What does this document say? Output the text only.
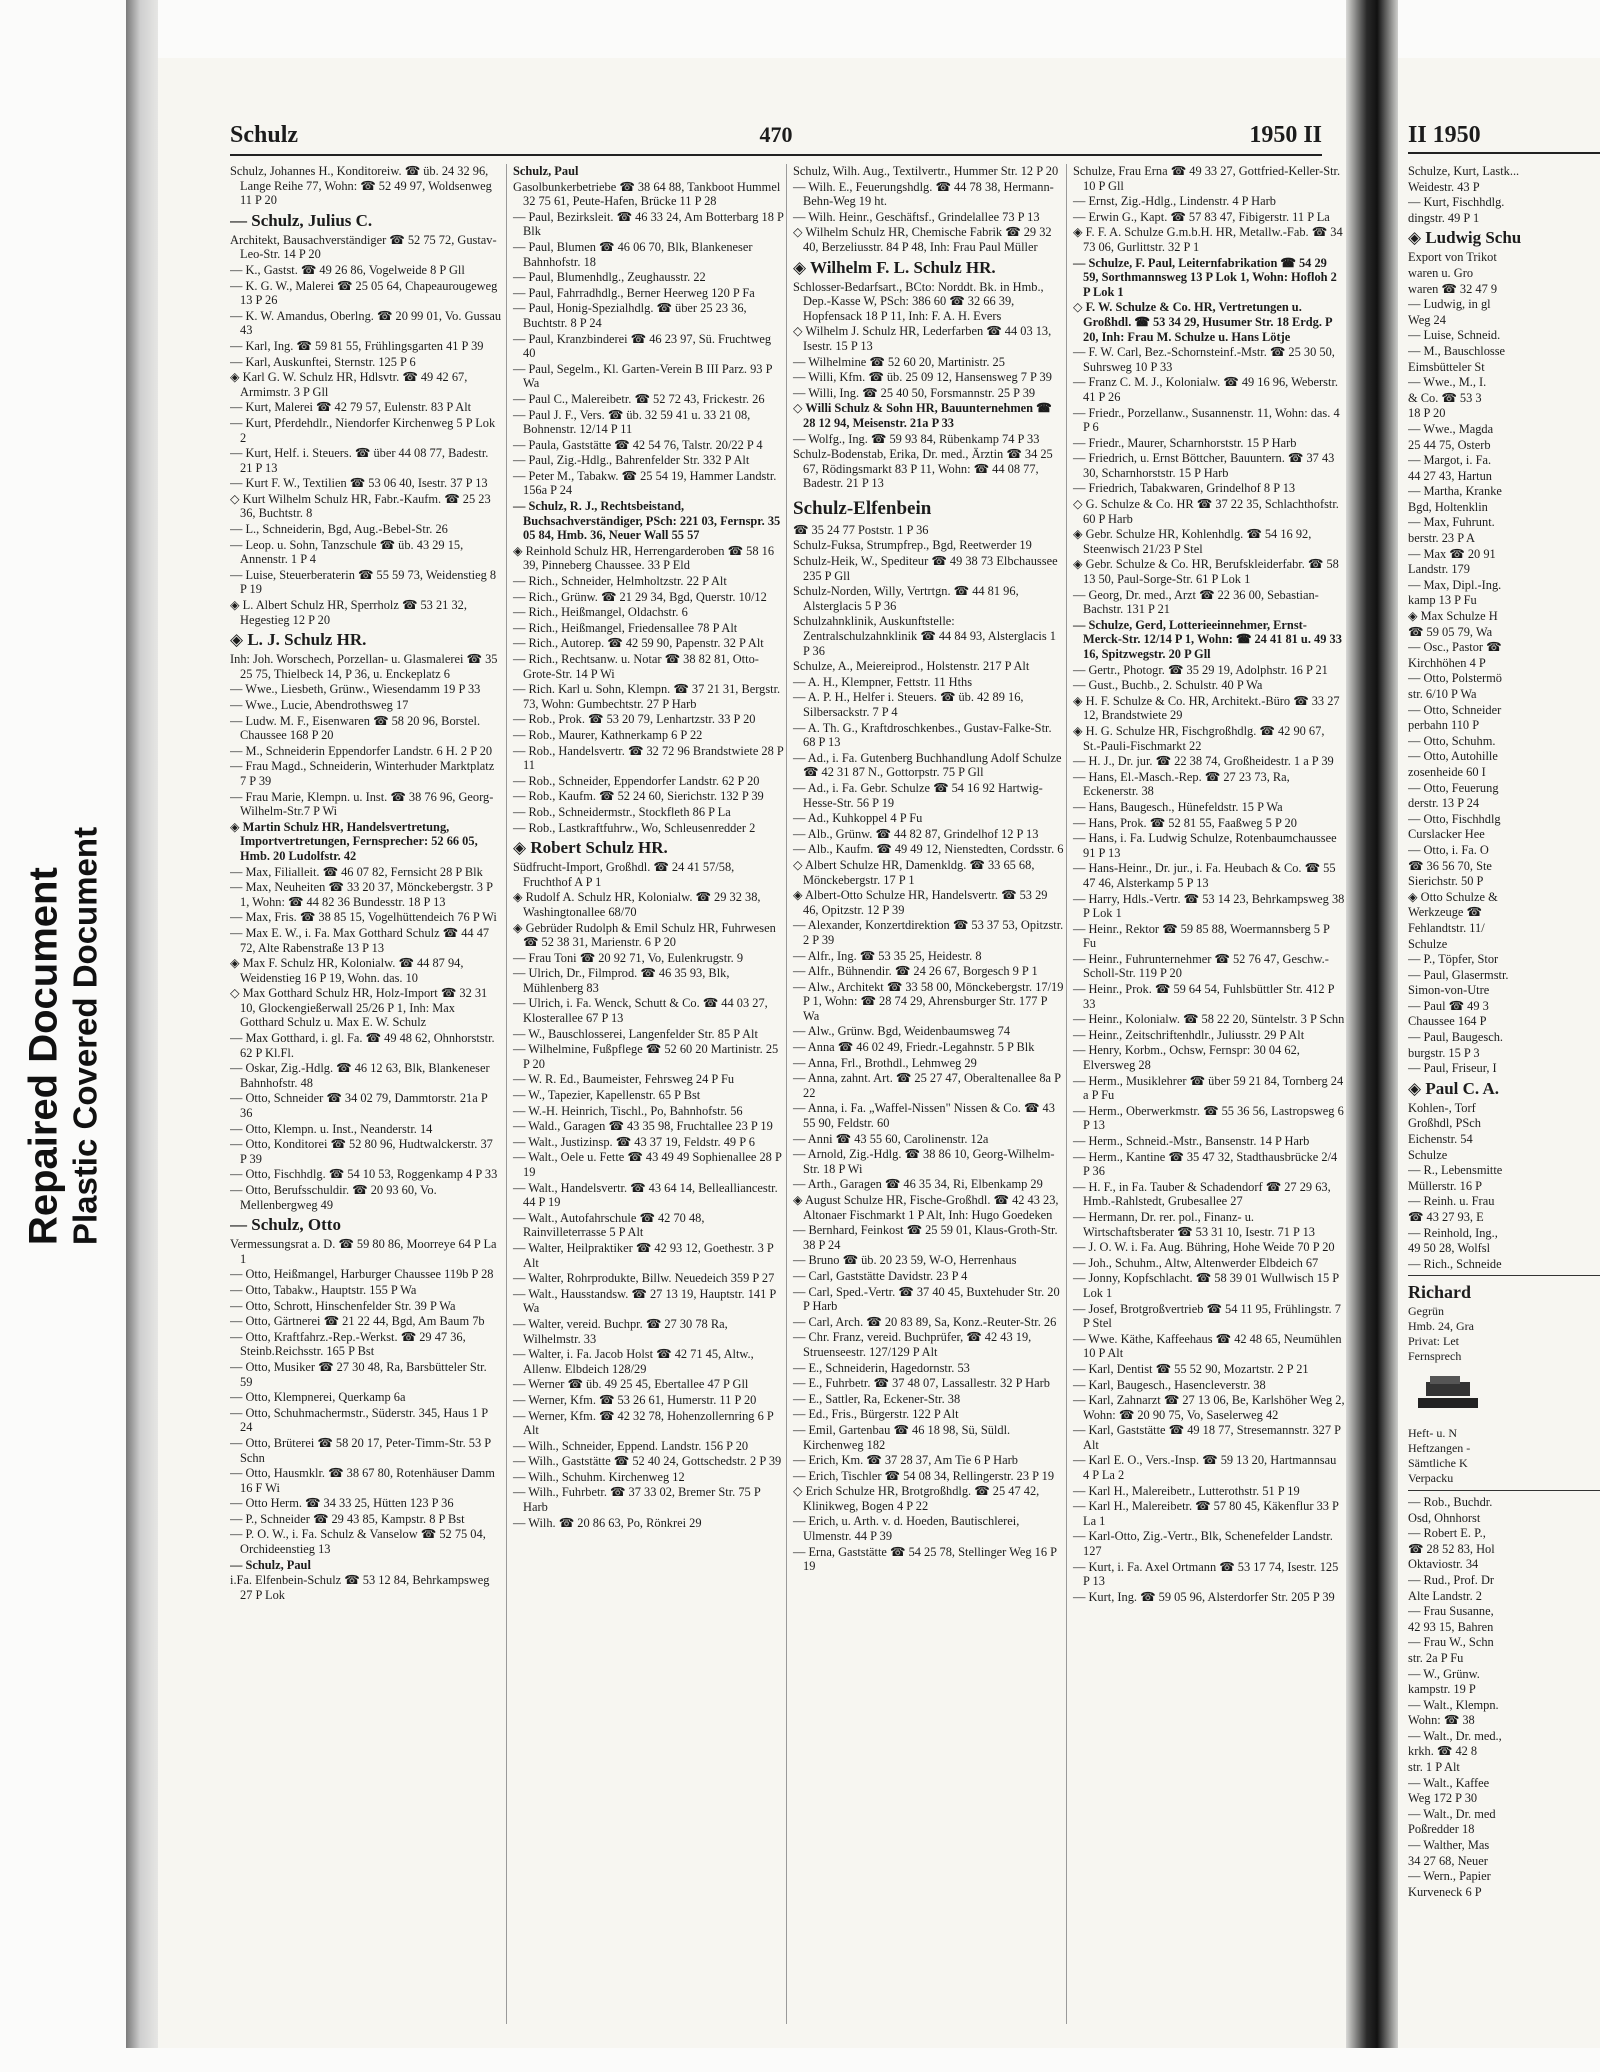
Repaired Document Plastic Covered Document
Schulz	470	1950 II
Schulz, Johannes H., Konditoreiw. ☎ üb. 24 32 96, Lange Reihe 77, Wohn: ☎ 52 49 97, Woldsenweg 11 P 20
— Schulz, Julius C.
Architekt, Bausachverständiger ☎ 52 75 72, Gustav-Leo-Str. 14 P 20
— K., Gastst. ☎ 49 26 86, Vogelweide 8 P Gll
— K. G. W., Malerei ☎ 25 05 64, Chapeaurougeweg 13 P 26
— K. W. Amandus, Oberlng. ☎ 20 99 01, Vo. Gussau 43
— Karl, Ing. ☎ 59 81 55, Frühlingsgarten 41 P 39
— Karl, Auskunftei, Sternstr. 125 P 6
◈ Karl G. W. Schulz HR, Hdlsvtr. ☎ 49 42 67, Armimstr. 3 P Gll
— Kurt, Malerei ☎ 42 79 57, Eulenstr. 83 P Alt
— Kurt, Pferdehdlr., Niendorfer Kirchenweg 5 P Lok 2
— Kurt, Helf. i. Steuers. ☎ über 44 08 77, Badestr. 21 P 13
— Kurt F. W., Textilien ☎ 53 06 40, Isestr. 37 P 13
◇ Kurt Wilhelm Schulz HR, Fabr.-Kaufm. ☎ 25 23 36, Buchtstr. 8
— L., Schneiderin, Bgd, Aug.-Bebel-Str. 26
— Leop. u. Sohn, Tanzschule ☎ üb. 43 29 15, Annenstr. 1 P 4
— Luise, Steuerberaterin ☎ 55 59 73, Weidenstieg 8 P 19
◈ L. Albert Schulz HR, Sperrholz ☎ 53 21 32, Hegestieg 12 P 20
◈ L. J. Schulz HR.
Inh: Joh. Worschech, Porzellan- u. Glasmalerei ☎ 35 25 75, Thielbeck 14, P 36, u. Enckeplatz 6
— Wwe., Liesbeth, Grünw., Wiesendamm 19 P 33
— Wwe., Lucie, Abendrothsweg 17
— Ludw. M. F., Eisenwaren ☎ 58 20 96, Borstel. Chaussee 168 P 20
— M., Schneiderin Eppendorfer Landstr. 6 H. 2 P 20
— Frau Magd., Schneiderin, Winterhuder Marktplatz 7 P 39
— Frau Marie, Klempn. u. Inst. ☎ 38 76 96, Georg-Wilhelm-Str.7 P Wi
◈ Martin Schulz HR, Handelsvertretung, Importvertretungen, Fernsprecher: 52 66 05, Hmb. 20 Ludolfstr. 42
— Max, Filialleit. ☎ 46 07 82, Fernsicht 28 P Blk
— Max, Neuheiten ☎ 33 20 37, Mönckebergstr. 3 P 1, Wohn: ☎ 44 82 36 Bundesstr. 18 P 13
— Max, Fris. ☎ 38 85 15, Vogelhüttendeich 76 P Wi
— Max E. W., i. Fa. Max Gotthard Schulz ☎ 44 47 72, Alte Rabenstraße 13 P 13
◈ Max F. Schulz HR, Kolonialw. ☎ 44 87 94, Weidenstieg 16 P 19, Wohn. das. 10
◇ Max Gotthard Schulz HR, Holz-Import ☎ 32 31 10, Glockengießerwall 25/26 P 1, Inh: Max Gotthard Schulz u. Max E. W. Schulz
— Max Gotthard, i. gl. Fa. ☎ 49 48 62, Ohnhorststr. 62 P Kl.Fl.
— Oskar, Zig.-Hdlg. ☎ 46 12 63, Blk, Blankeneser Bahnhofstr. 48
— Otto, Schneider ☎ 34 02 79, Dammtorstr. 21a P 36
— Otto, Klempn. u. Inst., Neanderstr. 14
— Otto, Konditorei ☎ 52 80 96, Hudtwalckerstr. 37 P 39
— Otto, Fischhdlg. ☎ 54 10 53, Roggenkamp 4 P 33
— Otto, Berufsschuldir. ☎ 20 93 60, Vo. Mellenbergweg 49
— Schulz, Otto
Vermessungsrat a. D. ☎ 59 80 86, Moorreye 64 P La 1
— Otto, Heißmangel, Harburger Chaussee 119b P 28
— Otto, Tabakw., Hauptstr. 155 P Wa
— Otto, Schrott, Hinschenfelder Str. 39 P Wa
— Otto, Gärtnerei ☎ 21 22 44, Bgd, Am Baum 7b
— Otto, Kraftfahrz.-Rep.-Werkst. ☎ 29 47 36, Steinb.Reichsstr. 165 P Bst
— Otto, Musiker ☎ 27 30 48, Ra, Barsbütteler Str. 59
— Otto, Klempnerei, Querkamp 6a
— Otto, Schuhmachermstr., Süderstr. 345, Haus 1 P 24
— Otto, Brüterei ☎ 58 20 17, Peter-Timm-Str. 53 P Schn
— Otto, Hausmklr. ☎ 38 67 80, Rotenhäuser Damm 16 F Wi
— Otto Herm. ☎ 34 33 25, Hütten 123 P 36
— P., Schneider ☎ 29 43 85, Kampstr. 8 P Bst
— P. O. W., i. Fa. Schulz & Vanselow ☎ 52 75 04, Orchideenstieg 13
— Schulz, Paul
i.Fa. Elfenbein-Schulz ☎ 53 12 84, Behrkampsweg 27 P Lok
Schulz, Paul
Gasolbunkerbetriebe ☎ 38 64 88, Tankboot Hummel 32 75 61, Peute-Hafen, Brücke 11 P 28
— Paul, Bezirksleit. ☎ 46 33 24, Am Botterbarg 18 P Blk
— Paul, Blumen ☎ 46 06 70, Blk, Blankeneser Bahnhofstr. 18
— Paul, Blumenhdlg., Zeughausstr. 22
— Paul, Fahrradhdlg., Berner Heerweg 120 P Fa
— Paul, Honig-Spezialhdlg. ☎ über 25 23 36, Buchtstr. 8 P 24
— Paul, Kranzbinderei ☎ 46 23 97, Sü. Fruchtweg 40
— Paul, Segelm., Kl. Garten-Verein B III Parz. 93 P Wa
— Paul C., Malereibetr. ☎ 52 72 43, Frickestr. 26
— Paul J. F., Vers. ☎ üb. 32 59 41 u. 33 21 08, Bohnenstr. 12/14 P 11
— Paula, Gaststätte ☎ 42 54 76, Talstr. 20/22 P 4
— Paul, Zig.-Hdlg., Bahrenfelder Str. 332 P Alt
— Peter M., Tabakw. ☎ 25 54 19, Hammer Landstr. 156a P 24
— Schulz, R. J., Rechtsbeistand, Buchsachverständiger, PSch: 221 03, Fernspr. 35 05 84, Hmb. 36, Neuer Wall 55 57
◈ Reinhold Schulz HR, Herrengarderoben ☎ 58 16 39, Pinneberg Chaussee. 33 P Eld
— Rich., Schneider, Helmholtzstr. 22 P Alt
— Rich., Grünw. ☎ 21 29 34, Bgd, Querstr. 10/12
— Rich., Heißmangel, Oldachstr. 6
— Rich., Heißmangel, Friedensallee 78 P Alt
— Rich., Autorep. ☎ 42 59 90, Papenstr. 32 P Alt
— Rich., Rechtsanw. u. Notar ☎ 38 82 81, Otto-Grote-Str. 14 P Wi
— Rich. Karl u. Sohn, Klempn. ☎ 37 21 31, Bergstr. 73, Wohn: Gumbechtstr. 27 P Harb
— Rob., Prok. ☎ 53 20 79, Lenhartzstr. 33 P 20
— Rob., Maurer, Kathnerkamp 6 P 22
— Rob., Handelsvertr. ☎ 32 72 96 Brandstwiete 28 P 11
— Rob., Schneider, Eppendorfer Landstr. 62 P 20
— Rob., Kaufm. ☎ 52 24 60, Sierichstr. 132 P 39
— Rob., Schneidermstr., Stockfleth 86 P La
— Rob., Lastkraftfuhrw., Wo, Schleusenredder 2
◈ Robert Schulz HR.
Südfrucht-Import, Großhdl. ☎ 24 41 57/58, Fruchthof A P 1
◈ Rudolf A. Schulz HR, Kolonialw. ☎ 29 32 38, Washingtonallee 68/70
◈ Gebrüder Rudolph & Emil Schulz HR, Fuhrwesen ☎ 52 38 31, Marienstr. 6 P 20
— Frau Toni ☎ 20 92 71, Vo, Eulenkrugstr. 9
— Ulrich, Dr., Filmprod. ☎ 46 35 93, Blk, Mühlenberg 83
— Ulrich, i. Fa. Wenck, Schutt & Co. ☎ 44 03 27, Klosterallee 67 P 13
— W., Bauschlosserei, Langenfelder Str. 85 P Alt
— Wilhelmine, Fußpflege ☎ 52 60 20 Martinistr. 25 P 20
— W. R. Ed., Baumeister, Fehrsweg 24 P Fu
— W., Tapezier, Kapellenstr. 65 P Bst
— W.-H. Heinrich, Tischl., Po, Bahnhofstr. 56
— Wald., Garagen ☎ 43 35 98, Fruchtallee 23 P 19
— Walt., Justizinsp. ☎ 43 37 19, Feldstr. 49 P 6
— Walt., Oele u. Fette ☎ 43 49 49 Sophienallee 28 P 19
— Walt., Handelsvertr. ☎ 43 64 14, Bellealliancestr. 44 P 19
— Walt., Autofahrschule ☎ 42 70 48, Rainvilleterrasse 5 P Alt
— Walter, Heilpraktiker ☎ 42 93 12, Goethestr. 3 P Alt
— Walter, Rohrprodukte, Billw. Neuedeich 359 P 27
— Walt., Hausstandsw. ☎ 27 13 19, Hauptstr. 141 P Wa
— Walter, vereid. Buchpr. ☎ 27 30 78 Ra, Wilhelmstr. 33
— Walter, i. Fa. Jacob Holst ☎ 42 71 45, Altw., Allenw. Elbdeich 128/29
— Werner ☎ üb. 49 25 45, Ebertallee 47 P Gll
— Werner, Kfm. ☎ 53 26 61, Humerstr. 11 P 20
— Werner, Kfm. ☎ 42 32 78, Hohenzollernring 6 P Alt
— Wilh., Schneider, Eppend. Landstr. 156 P 20
— Wilh., Gaststätte ☎ 52 40 24, Gottschedstr. 2 P 39
— Wilh., Schuhm. Kirchenweg 12
— Wilh., Fuhrbetr. ☎ 37 33 02, Bremer Str. 75 P Harb
— Wilh. ☎ 20 86 63, Po, Rönkrei 29
Schulz, Wilh. Aug., Textilvertr., Hummer Str. 12 P 20
— Wilh. E., Feuerungshdlg. ☎ 44 78 38, Hermann-Behn-Weg 19 ht.
— Wilh. Heinr., Geschäftsf., Grindelallee 73 P 13
◇ Wilhelm Schulz HR, Chemische Fabrik ☎ 29 32 40, Berzeliusstr. 84 P 48, Inh: Frau Paul Müller
◈ Wilhelm F. L. Schulz HR.
Schlosser-Bedarfsart., BCto: Norddt. Bk. in Hmb., Dep.-Kasse W, PSch: 386 60 ☎ 32 66 39, Hopfensack 18 P 11, Inh: F. A. H. Evers
◇ Wilhelm J. Schulz HR, Lederfarben ☎ 44 03 13, Isestr. 15 P 13
— Wilhelmine ☎ 52 60 20, Martinistr. 25
— Willi, Kfm. ☎ üb. 25 09 12, Hansensweg 7 P 39
— Willi, Ing. ☎ 25 40 50, Forsmannstr. 25 P 39
◇ Willi Schulz & Sohn HR, Bauunternehmen ☎ 28 12 94, Meisenstr. 21a P 33
— Wolfg., Ing. ☎ 59 93 84, Rübenkamp 74 P 33
Schulz-Bodenstab, Erika, Dr. med., Ärztin ☎ 34 25 67, Rödingsmarkt 83 P 11, Wohn: ☎ 44 08 77, Badestr. 21 P 13
Schulz-Elfenbein
☎ 35 24 77 Poststr. 1 P 36
Schulz-Fuksa, Strumpfrep., Bgd, Reetwerder 19
Schulz-Heik, W., Spediteur ☎ 49 38 73 Elbchaussee 235 P Gll
Schulz-Norden, Willy, Vertrtgn. ☎ 44 81 96, Alsterglacis 5 P 36
Schulzahnklinik, Auskunftstelle: Zentralschulzahnklinik ☎ 44 84 93, Alsterglacis 1 P 36
Schulze, A., Meiereiprod., Holstenstr. 217 P Alt
— A. H., Klempner, Fettstr. 11 Hths
— A. P. H., Helfer i. Steuers. ☎ üb. 42 89 16, Silbersackstr. 7 P 4
— A. Th. G., Kraftdroschkenbes., Gustav-Falke-Str. 68 P 13
— Ad., i. Fa. Gutenberg Buchhandlung Adolf Schulze ☎ 42 31 87 N., Gottorpstr. 75 P Gll
— Ad., i. Fa. Gebr. Schulze ☎ 54 16 92 Hartwig-Hesse-Str. 56 P 19
— Ad., Kuhkoppel 4 P Fu
— Alb., Grünw. ☎ 44 82 87, Grindelhof 12 P 13
— Alb., Kaufm. ☎ 49 49 12, Nienstedten, Cordsstr. 6
◇ Albert Schulze HR, Damenkldg. ☎ 33 65 68, Mönckebergstr. 17 P 1
◈ Albert-Otto Schulze HR, Handelsvertr. ☎ 53 29 46, Opitzstr. 12 P 39
— Alexander, Konzertdirektion ☎ 53 37 53, Opitzstr. 2 P 39
— Alfr., Ing. ☎ 53 35 25, Heidestr. 8
— Alfr., Bühnendir. ☎ 24 26 67, Borgesch 9 P 1
— Alw., Architekt ☎ 33 58 00, Mönckebergstr. 17/19 P 1, Wohn: ☎ 28 74 29, Ahrensburger Str. 177 P Wa
— Alw., Grünw. Bgd, Weidenbaumsweg 74
— Anna ☎ 46 02 49, Friedr.-Legahnstr. 5 P Blk
— Anna, Frl., Brothdl., Lehmweg 29
— Anna, zahnt. Art. ☎ 25 27 47, Oberaltenallee 8a P 22
— Anna, i. Fa. „Waffel-Nissen" Nissen & Co. ☎ 43 55 90, Feldstr. 60
— Anni ☎ 43 55 60, Carolinenstr. 12a
— Arnold, Zig.-Hdlg. ☎ 38 86 10, Georg-Wilhelm-Str. 18 P Wi
— Arth., Garagen ☎ 46 35 34, Ri, Elbenkamp 29
◈ August Schulze HR, Fische-Großhdl. ☎ 42 43 23, Altonaer Fischmarkt 1 P Alt, Inh: Hugo Goedeken
— Bernhard, Feinkost ☎ 25 59 01, Klaus-Groth-Str. 38 P 24
— Bruno ☎ üb. 20 23 59, W-O, Herrenhaus
— Carl, Gaststätte Davidstr. 23 P 4
— Carl, Sped.-Vertr. ☎ 37 40 45, Buxtehuder Str. 20 P Harb
— Carl, Arch. ☎ 20 83 89, Sa, Konz.-Reuter-Str. 26
— Chr. Franz, vereid. Buchprüfer, ☎ 42 43 19, Struenseestr. 127/129 P Alt
— E., Schneiderin, Hagedornstr. 53
— E., Fuhrbetr. ☎ 37 48 07, Lassallestr. 32 P Harb
— E., Sattler, Ra, Eckener-Str. 38
— Ed., Fris., Bürgerstr. 122 P Alt
— Emil, Gartenbau ☎ 46 18 98, Sü, Süldl. Kirchenweg 182
— Erich, Km. ☎ 37 28 37, Am Tie 6 P Harb
— Erich, Tischler ☎ 54 08 34, Rellingerstr. 23 P 19
◇ Erich Schulze HR, Brotgroßhdlg. ☎ 25 47 42, Klinikweg, Bogen 4 P 22
— Erich, u. Arth. v. d. Hoeden, Bautischlerei, Ulmenstr. 44 P 39
— Erna, Gaststätte ☎ 54 25 78, Stellinger Weg 16 P 19
Schulze, Frau Erna ☎ 49 33 27, Gottfried-Keller-Str. 10 P Gll
— Ernst, Zig.-Hdlg., Lindenstr. 4 P Harb
— Erwin G., Kapt. ☎ 57 83 47, Fibigerstr. 11 P La
◈ F. F. A. Schulze G.m.b.H. HR, Metallw.-Fab. ☎ 34 73 06, Gurlittstr. 32 P 1
— Schulze, F. Paul, Leiternfabrikation ☎ 54 29 59, Sorthmannsweg 13 P Lok 1, Wohn: Hofloh 2 P Lok 1
◇ F. W. Schulze & Co. HR, Vertretungen u. Großhdl. ☎ 53 34 29, Husumer Str. 18 Erdg. P 20, Inh: Frau M. Schulze u. Hans Lötje
— F. W. Carl, Bez.-Schornsteinf.-Mstr. ☎ 25 30 50, Suhrsweg 10 P 33
— Franz C. M. J., Kolonialw. ☎ 49 16 96, Weberstr. 41 P 26
— Friedr., Porzellanw., Susannenstr. 11, Wohn: das. 4 P 6
— Friedr., Maurer, Scharnhorststr. 15 P Harb
— Friedrich, u. Ernst Böttcher, Bauuntern. ☎ 37 43 30, Scharnhorststr. 15 P Harb
— Friedrich, Tabakwaren, Grindelhof 8 P 13
◇ G. Schulze & Co. HR ☎ 37 22 35, Schlachthofstr. 60 P Harb
◈ Gebr. Schulze HR, Kohlenhdlg. ☎ 54 16 92, Steenwisch 21/23 P Stel
◈ Gebr. Schulze & Co. HR, Berufskleiderfabr. ☎ 58 13 50, Paul-Sorge-Str. 61 P Lok 1
— Georg, Dr. med., Arzt ☎ 22 36 00, Sebastian-Bachstr. 131 P 21
— Schulze, Gerd, Lotterieeinnehmer, Ernst-Merck-Str. 12/14 P 1, Wohn: ☎ 24 41 81 u. 49 33 16, Spitzwegstr. 20 P Gll
— Gertr., Photogr. ☎ 35 29 19, Adolphstr. 16 P 21
— Gust., Buchb., 2. Schulstr. 40 P Wa
◈ H. F. Schulze & Co. HR, Architekt.-Büro ☎ 33 27 12, Brandstwiete 29
◈ H. G. Schulze HR, Fischgroßhdlg. ☎ 42 90 67, St.-Pauli-Fischmarkt 22
— H. J., Dr. jur. ☎ 22 38 74, Großheidestr. 1 a P 39
— Hans, El.-Masch.-Rep. ☎ 27 23 73, Ra, Eckenerstr. 38
— Hans, Baugesch., Hünefeldstr. 15 P Wa
— Hans, Prok. ☎ 52 81 55, Faaßweg 5 P 20
— Hans, i. Fa. Ludwig Schulze, Rotenbaumchaussee 91 P 13
— Hans-Heinr., Dr. jur., i. Fa. Heubach & Co. ☎ 55 47 46, Alsterkamp 5 P 13
— Harry, Hdls.-Vertr. ☎ 53 14 23, Behrkampsweg 38 P Lok 1
— Heinr., Rektor ☎ 59 85 88, Woermannsberg 5 P Fu
— Heinr., Fuhrunternehmer ☎ 52 76 47, Geschw.-Scholl-Str. 119 P 20
— Heinr., Prok. ☎ 59 64 54, Fuhlsbüttler Str. 412 P 33
— Heinr., Kolonialw. ☎ 58 22 20, Süntelstr. 3 P Schn
— Heinr., Zeitschriftenhdlr., Juliusstr. 29 P Alt
— Henry, Korbm., Ochsw, Fernspr: 30 04 62, Elversweg 28
— Herm., Musiklehrer ☎ über 59 21 84, Tornberg 24 a P Fu
— Herm., Oberwerkmstr. ☎ 55 36 56, Lastropsweg 6 P 13
— Herm., Schneid.-Mstr., Bansenstr. 14 P Harb
— Herm., Kantine ☎ 35 47 32, Stadthausbrücke 2/4 P 36
— H. F., in Fa. Tauber & Schadendorf ☎ 27 29 63, Hmb.-Rahlstedt, Grubesallee 27
— Hermann, Dr. rer. pol., Finanz- u. Wirtschaftsberater ☎ 53 31 10, Isestr. 71 P 13
— J. O. W. i. Fa. Aug. Bühring, Hohe Weide 70 P 20
— Joh., Schuhm., Altw, Altenwerder Elbdeich 67
— Jonny, Kopfschlacht. ☎ 58 39 01 Wullwisch 15 P Lok 1
— Josef, Brotgroßvertrieb ☎ 54 11 95, Frühlingstr. 7 P Stel
— Wwe. Käthe, Kaffeehaus ☎ 42 48 65, Neumühlen 10 P Alt
— Karl, Dentist ☎ 55 52 90, Mozartstr. 2 P 21
— Karl, Baugesch., Hasencleverstr. 38
— Karl, Zahnarzt ☎ 27 13 06, Be, Karlshöher Weg 2, Wohn: ☎ 20 90 75, Vo, Saselerweg 42
— Karl, Gaststätte ☎ 49 18 77, Stresemannstr. 327 P Alt
— Karl E. O., Vers.-Insp. ☎ 59 13 20, Hartmannsau 4 P La 2
— Karl H., Malereibetr., Lutterothstr. 51 P 19
— Karl H., Malereibetr. ☎ 57 80 45, Käkenflur 33 P La 1
— Karl-Otto, Zig.-Vertr., Blk, Schenefelder Landstr. 127
— Kurt, i. Fa. Axel Ortmann ☎ 53 17 74, Isestr. 125 P 13
— Kurt, Ing. ☎ 59 05 96, Alsterdorfer Str. 205 P 39
II 1950
Schulze, Kurt, Lastk...
Weidestr. 43 P
— Kurt, Fischhdlg.
dingstr. 49 P 1
◈ Ludwig Schu
Export von Trikot
waren u. Gro
waren ☎ 32 47 9
— Ludwig, in gl
Weg 24
— Luise, Schneid.
— M., Bauschlosse
Eimsbütteler St
— Wwe., M., I.
& Co. ☎ 53 3
18 P 20
— Wwe., Magda
25 44 75, Osterb
— Margot, i. Fa.
44 27 43, Hartun
— Martha, Kranke
Bgd, Holtenklin
— Max, Fuhrunt.
berstr. 23 P A
— Max ☎ 20 91
Landstr. 179
— Max, Dipl.-Ing.
kamp 13 P Fu
◈ Max Schulze H
☎ 59 05 79, Wa
— Osc., Pastor ☎
Kirchhöhen 4 P
— Otto, Polstermö
str. 6/10 P Wa
— Otto, Schneider
perbahn 110 P
— Otto, Schuhm.
— Otto, Autohille
zosenheide 60 I
— Otto, Feuerung
derstr. 13 P 24
— Otto, Fischhdlg
Curslacker Hee
— Otto, i. Fa. O
☎ 36 56 70, Ste
Sierichstr. 50 P
◈ Otto Schulze &
Werkzeuge ☎
Fehlandtstr. 11/
Schulze
— P., Töpfer, Stor
— Paul, Glasermstr.
Simon-von-Utre
— Paul ☎ 49 3
Chaussee 164 P
— Paul, Baugesch.
burgstr. 15 P 3
— Paul, Friseur, I
◈ Paul C. A.
Kohlen-, Torf
Großhdl, PSch
Eichenstr. 54
Schulze
— R., Lebensmitte
Müllerstr. 16 P
— Reinh. u. Frau
☎ 43 27 93, E
— Reinhold, Ing.,
49 50 28, Wolfsl
— Rich., Schneide
Richard
Gegrün
Hmb. 24, Gra
Privat: Let
Fernsprech
Heft- u. N
Heftzangen -
Sämtliche K
Verpacku
— Rob., Buchdr.
Osd, Ohnhorst
— Robert E. P.,
☎ 28 52 83, Hol
Oktaviostr. 34
— Rud., Prof. Dr
Alte Landstr. 2
— Frau Susanne,
42 93 15, Bahren
— Frau W., Schn
str. 2a P Fu
— W., Grünw.
kampstr. 19 P
— Walt., Klempn.
Wohn: ☎ 38
— Walt., Dr. med.,
krkh. ☎ 42 8
str. 1 P Alt
— Walt., Kaffee
Weg 172 P 30
— Walt., Dr. med
Poßredder 18
— Walther, Mas
34 27 68, Neuer
— Wern., Papier
Kurveneck 6 P
